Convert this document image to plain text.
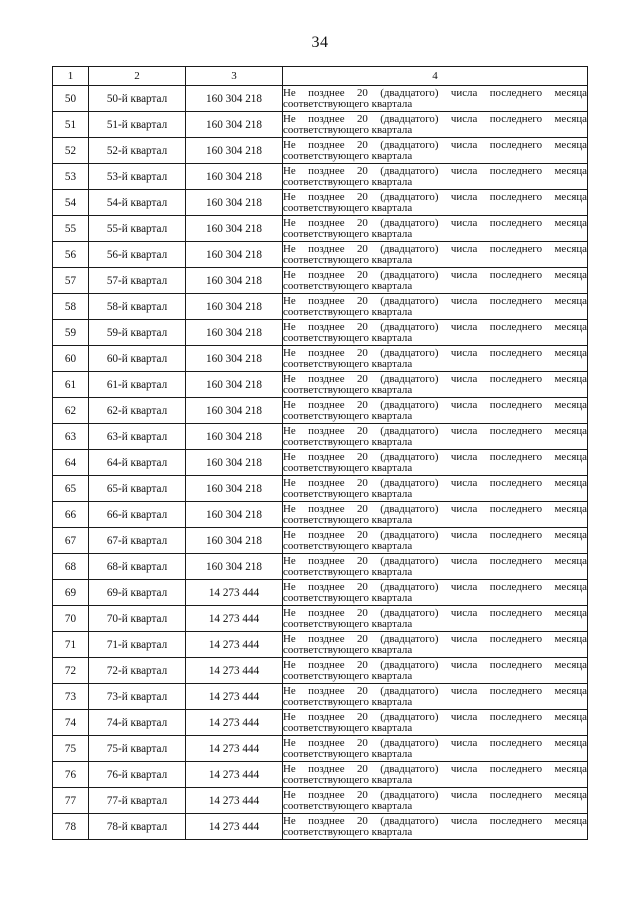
34
1	2	3	4
50	50-й квартал	160 304 218	Не позднее 20 (двадцатого) числа последнего месяца соответствующего квартала
51	51-й квартал	160 304 218	Не позднее 20 (двадцатого) числа последнего месяца соответствующего квартала
52	52-й квартал	160 304 218	Не позднее 20 (двадцатого) числа последнего месяца соответствующего квартала
53	53-й квартал	160 304 218	Не позднее 20 (двадцатого) числа последнего месяца соответствующего квартала
54	54-й квартал	160 304 218	Не позднее 20 (двадцатого) числа последнего месяца соответствующего квартала
55	55-й квартал	160 304 218	Не позднее 20 (двадцатого) числа последнего месяца соответствующего квартала
56	56-й квартал	160 304 218	Не позднее 20 (двадцатого) числа последнего месяца соответствующего квартала
57	57-й квартал	160 304 218	Не позднее 20 (двадцатого) числа последнего месяца соответствующего квартала
58	58-й квартал	160 304 218	Не позднее 20 (двадцатого) числа последнего месяца соответствующего квартала
59	59-й квартал	160 304 218	Не позднее 20 (двадцатого) числа последнего месяца соответствующего квартала
60	60-й квартал	160 304 218	Не позднее 20 (двадцатого) числа последнего месяца соответствующего квартала
61	61-й квартал	160 304 218	Не позднее 20 (двадцатого) числа последнего месяца соответствующего квартала
62	62-й квартал	160 304 218	Не позднее 20 (двадцатого) числа последнего месяца соответствующего квартала
63	63-й квартал	160 304 218	Не позднее 20 (двадцатого) числа последнего месяца соответствующего квартала
64	64-й квартал	160 304 218	Не позднее 20 (двадцатого) числа последнего месяца соответствующего квартала
65	65-й квартал	160 304 218	Не позднее 20 (двадцатого) числа последнего месяца соответствующего квартала
66	66-й квартал	160 304 218	Не позднее 20 (двадцатого) числа последнего месяца соответствующего квартала
67	67-й квартал	160 304 218	Не позднее 20 (двадцатого) числа последнего месяца соответствующего квартала
68	68-й квартал	160 304 218	Не позднее 20 (двадцатого) числа последнего месяца соответствующего квартала
69	69-й квартал	14 273 444	Не позднее 20 (двадцатого) числа последнего месяца соответствующего квартала
70	70-й квартал	14 273 444	Не позднее 20 (двадцатого) числа последнего месяца соответствующего квартала
71	71-й квартал	14 273 444	Не позднее 20 (двадцатого) числа последнего месяца соответствующего квартала
72	72-й квартал	14 273 444	Не позднее 20 (двадцатого) числа последнего месяца соответствующего квартала
73	73-й квартал	14 273 444	Не позднее 20 (двадцатого) числа последнего месяца соответствующего квартала
74	74-й квартал	14 273 444	Не позднее 20 (двадцатого) числа последнего месяца соответствующего квартала
75	75-й квартал	14 273 444	Не позднее 20 (двадцатого) числа последнего месяца соответствующего квартала
76	76-й квартал	14 273 444	Не позднее 20 (двадцатого) числа последнего месяца соответствующего квартала
77	77-й квартал	14 273 444	Не позднее 20 (двадцатого) числа последнего месяца соответствующего квартала
78	78-й квартал	14 273 444	Не позднее 20 (двадцатого) числа последнего месяца соответствующего квартала
